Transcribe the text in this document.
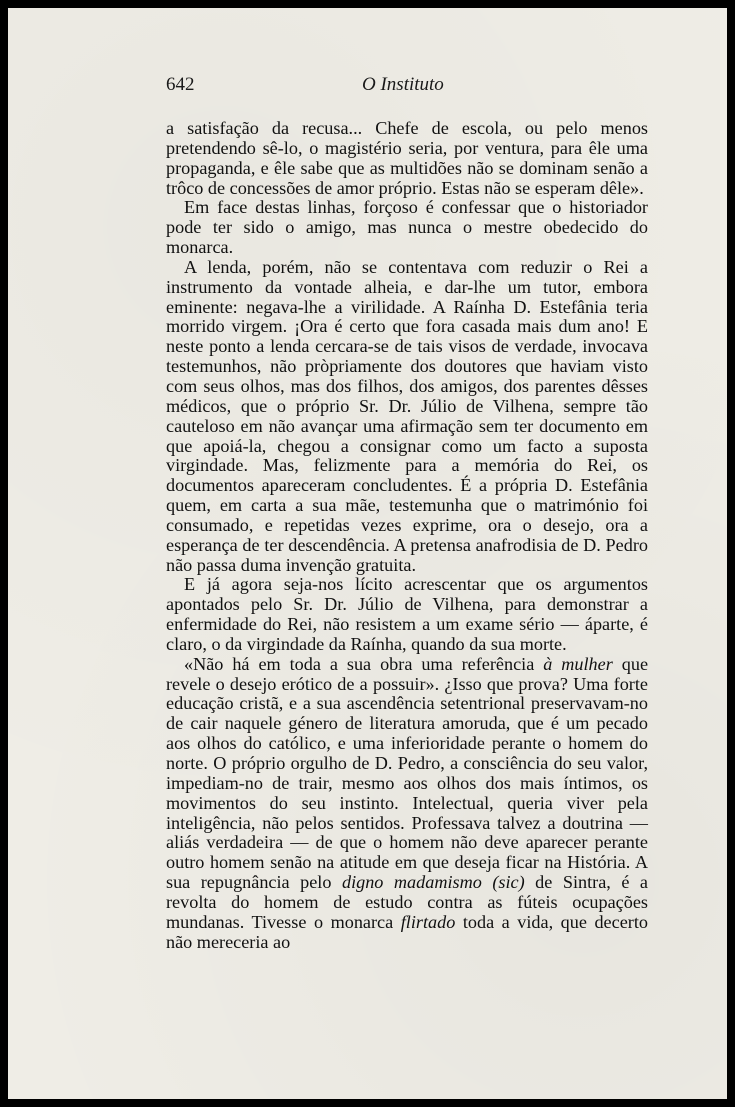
642	O Instituto

a satisfação da recusa... Chefe de escola, ou pelo menos pretendendo sê-lo, o magistério seria, por ventura, para êle uma propaganda, e êle sabe que as multidões não se dominam senão a trôco de concessões de amor próprio. Estas não se esperam dêle».

Em face destas linhas, forçoso é confessar que o historiador pode ter sido o amigo, mas nunca o mestre obedecido do monarca.

A lenda, porém, não se contentava com reduzir o Rei a instrumento da vontade alheia, e dar-lhe um tutor, embora eminente: negava-lhe a virilidade. A Raínha D. Estefânia teria morrido virgem. ¡Ora é certo que fora casada mais dum ano! E neste ponto a lenda cercara-se de tais visos de verdade, invocava testemunhos, não pròpriamente dos doutores que haviam visto com seus olhos, mas dos filhos, dos amigos, dos parentes dêsses médicos, que o próprio Sr. Dr. Júlio de Vilhena, sempre tão cauteloso em não avançar uma afirmação sem ter documento em que apoiá-la, chegou a consignar como um facto a suposta virgindade. Mas, felizmente para a memória do Rei, os documentos apareceram concludentes. É a própria D. Estefânia quem, em carta a sua mãe, testemunha que o matrimónio foi consumado, e repetidas vezes exprime, ora o desejo, ora a esperança de ter descendência. A pretensa anafrodisia de D. Pedro não passa duma invenção gratuita.

E já agora seja-nos lícito acrescentar que os argumentos apontados pelo Sr. Dr. Júlio de Vilhena, para demonstrar a enfermidade do Rei, não resistem a um exame sério — áparte, é claro, o da virgindade da Raínha, quando da sua morte.

«Não há em toda a sua obra uma referência à mulher que revele o desejo erótico de a possuir». ¿Isso que prova? Uma forte educação cristã, e a sua ascendência setentrional preservavam-no de cair naquele género de literatura amoruda, que é um pecado aos olhos do católico, e uma inferioridade perante o homem do norte. O próprio orgulho de D. Pedro, a consciência do seu valor, impediam-no de trair, mesmo aos olhos dos mais íntimos, os movimentos do seu instinto. Intelectual, queria viver pela inteligência, não pelos sentidos. Professava talvez a doutrina — aliás verdadeira — de que o homem não deve aparecer perante outro homem senão na atitude em que deseja ficar na História. A sua repugnância pelo digno madamismo (sic) de Sintra, é a revolta do homem de estudo contra as fúteis ocupações mundanas. Tivesse o monarca flirtado toda a vida, que decerto não mereceria ao
